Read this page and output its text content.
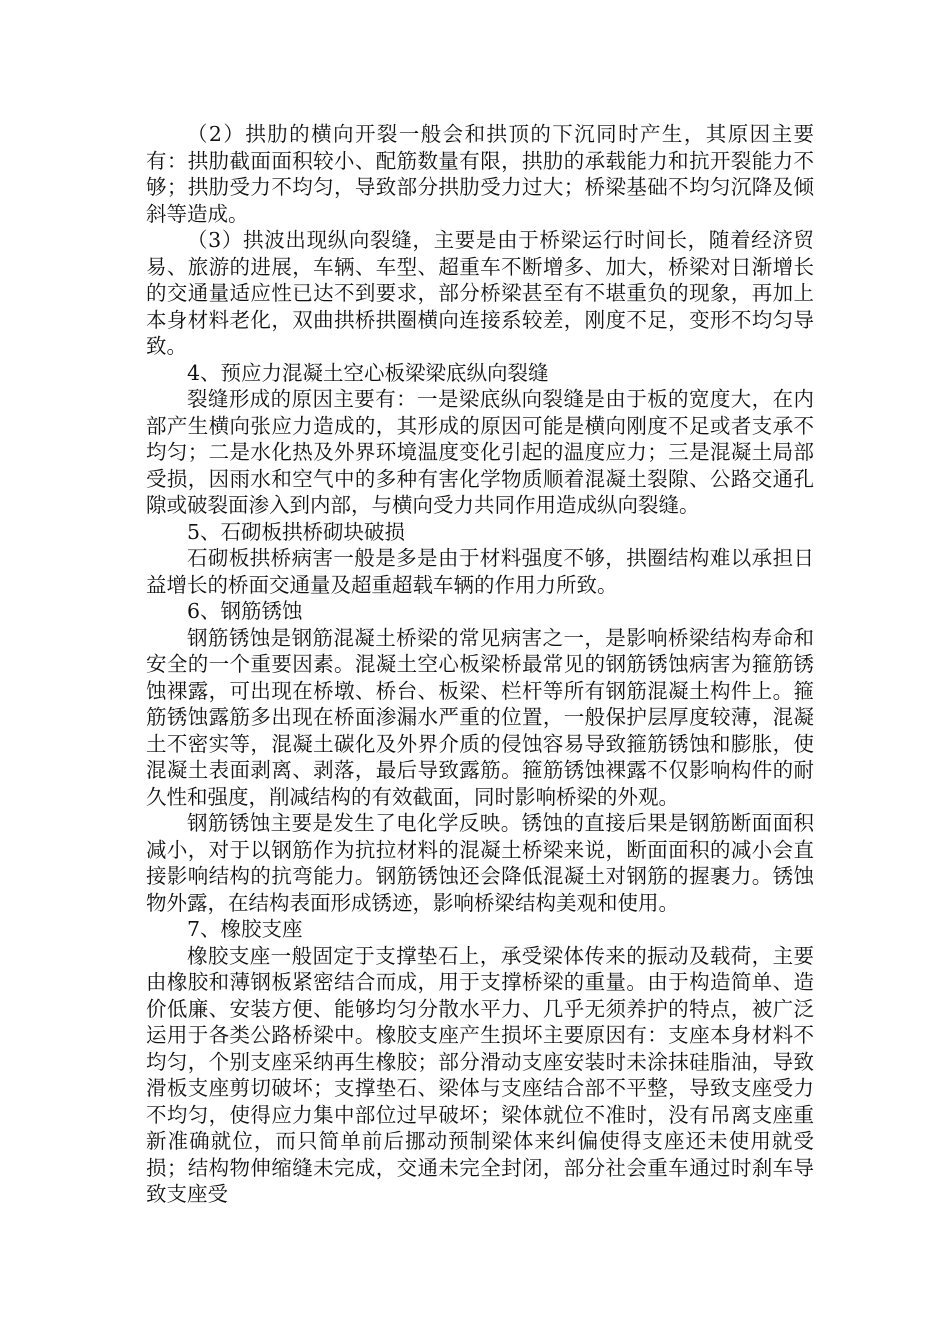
（2）拱肋的横向开裂一般会和拱顶的下沉同时产生，其原因主要有：拱肋截面面积较小、配筋数量有限，拱肋的承载能力和抗开裂能力不够；拱肋受力不均匀，导致部分拱肋受力过大；桥梁基础不均匀沉降及倾斜等造成。

（3）拱波出现纵向裂缝，主要是由于桥梁运行时间长，随着经济贸易、旅游的进展，车辆、车型、超重车不断增多、加大，桥梁对日渐增长的交通量适应性已达不到要求，部分桥梁甚至有不堪重负的现象，再加上本身材料老化，双曲拱桥拱圈横向连接系较差，刚度不足，变形不均匀导致。

4、预应力混凝土空心板梁梁底纵向裂缝

裂缝形成的原因主要有：一是梁底纵向裂缝是由于板的宽度大，在内部产生横向张应力造成的，其形成的原因可能是横向刚度不足或者支承不均匀；二是水化热及外界环境温度变化引起的温度应力；三是混凝土局部受损，因雨水和空气中的多种有害化学物质顺着混凝土裂隙、公路交通孔隙或破裂面渗入到内部，与横向受力共同作用造成纵向裂缝。

5、石砌板拱桥砌块破损

石砌板拱桥病害一般是多是由于材料强度不够，拱圈结构难以承担日益增长的桥面交通量及超重超载车辆的作用力所致。

6、钢筋锈蚀

钢筋锈蚀是钢筋混凝土桥梁的常见病害之一，是影响桥梁结构寿命和安全的一个重要因素。混凝土空心板梁桥最常见的钢筋锈蚀病害为箍筋锈蚀裸露，可出现在桥墩、桥台、板梁、栏杆等所有钢筋混凝土构件上。箍筋锈蚀露筋多出现在桥面渗漏水严重的位置，一般保护层厚度较薄，混凝土不密实等，混凝土碳化及外界介质的侵蚀容易导致箍筋锈蚀和膨胀，使混凝土表面剥离、剥落，最后导致露筋。箍筋锈蚀裸露不仅影响构件的耐久性和强度，削减结构的有效截面，同时影响桥梁的外观。

钢筋锈蚀主要是发生了电化学反映。锈蚀的直接后果是钢筋断面面积减小，对于以钢筋作为抗拉材料的混凝土桥梁来说，断面面积的减小会直接影响结构的抗弯能力。钢筋锈蚀还会降低混凝土对钢筋的握裹力。锈蚀物外露，在结构表面形成锈迹，影响桥梁结构美观和使用。

7、橡胶支座

橡胶支座一般固定于支撑垫石上，承受梁体传来的振动及载荷，主要由橡胶和薄钢板紧密结合而成，用于支撑桥梁的重量。由于构造简单、造价低廉、安装方便、能够均匀分散水平力、几乎无须养护的特点，被广泛运用于各类公路桥梁中。橡胶支座产生损坏主要原因有：支座本身材料不均匀，个别支座采纳再生橡胶；部分滑动支座安装时未涂抹硅脂油，导致滑板支座剪切破坏；支撑垫石、梁体与支座结合部不平整，导致支座受力不均匀，使得应力集中部位过早破坏；梁体就位不准时，没有吊离支座重新准确就位，而只简单前后挪动预制梁体来纠偏使得支座还未使用就受损；结构物伸缩缝未完成，交通未完全封闭，部分社会重车通过时刹车导致支座受
